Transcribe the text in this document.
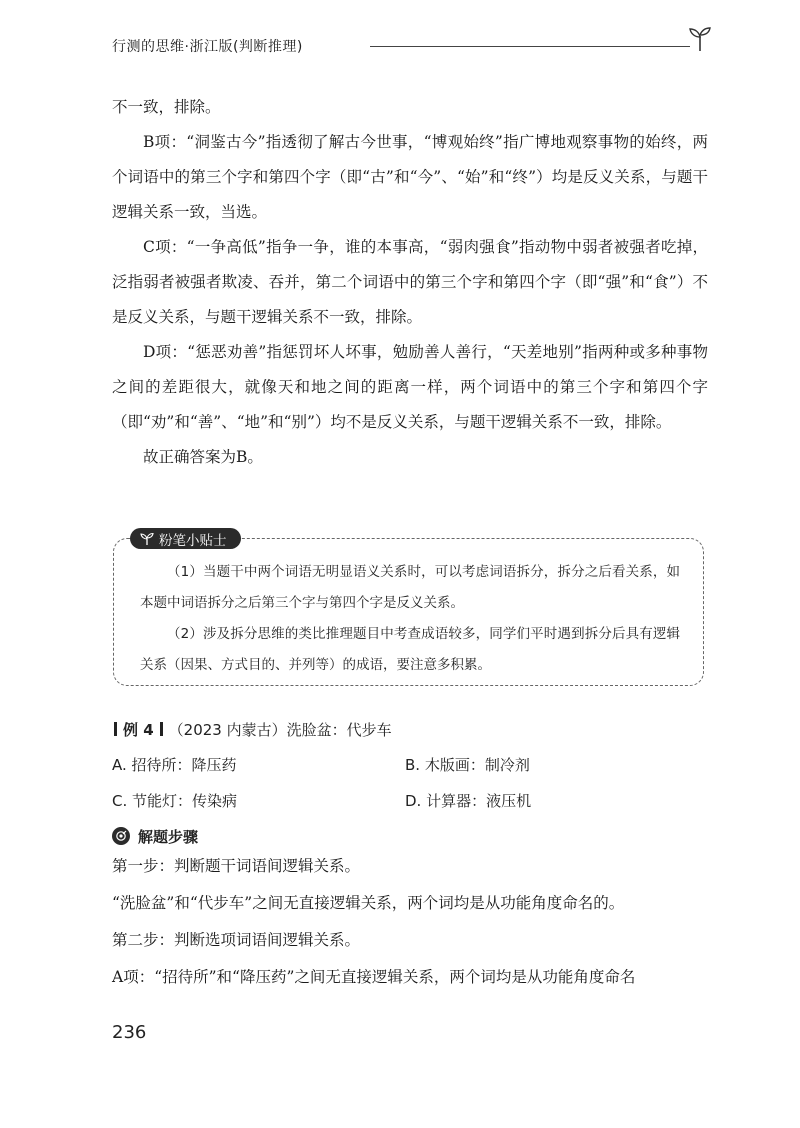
行测的思维·浙江版(判断推理)

不一致，排除。

B项：“洞鉴古今”指透彻了解古今世事，“博观始终”指广博地观察事物的始终，两个词语中的第三个字和第四个字（即“古”和“今”、“始”和“终”）均是反义关系，与题干逻辑关系一致，当选。

C项：“一争高低”指争一争，谁的本事高，“弱肉强食”指动物中弱者被强者吃掉，泛指弱者被强者欺凌、吞并，第二个词语中的第三个字和第四个字（即“强”和“食”）不是反义关系，与题干逻辑关系不一致，排除。

D项：“惩恶劝善”指惩罚坏人坏事，勉励善人善行，“天差地别”指两种或多种事物之间的差距很大，就像天和地之间的距离一样，两个词语中的第三个字和第四个字（即“劝”和“善”、“地”和“别”）均不是反义关系，与题干逻辑关系不一致，排除。

故正确答案为B。

粉笔小贴士

（1）当题干中两个词语无明显语义关系时，可以考虑词语拆分，拆分之后看关系，如本题中词语拆分之后第三个字与第四个字是反义关系。

（2）涉及拆分思维的类比推理题目中考查成语较多，同学们平时遇到拆分后具有逻辑关系（因果、方式目的、并列等）的成语，要注意多积累。

例 4 （2023 内蒙古） 洗脸盆：代步车
A. 招待所：降压药	B. 木版画：制冷剂
C. 节能灯：传染病	D. 计算器：液压机
解题步骤

第一步：判断题干词语间逻辑关系。

“洗脸盆”和“代步车”之间无直接逻辑关系，两个词均是从功能角度命名的。

第二步：判断选项词语间逻辑关系。

A项：“招待所”和“降压药”之间无直接逻辑关系，两个词均是从功能角度命名

236
